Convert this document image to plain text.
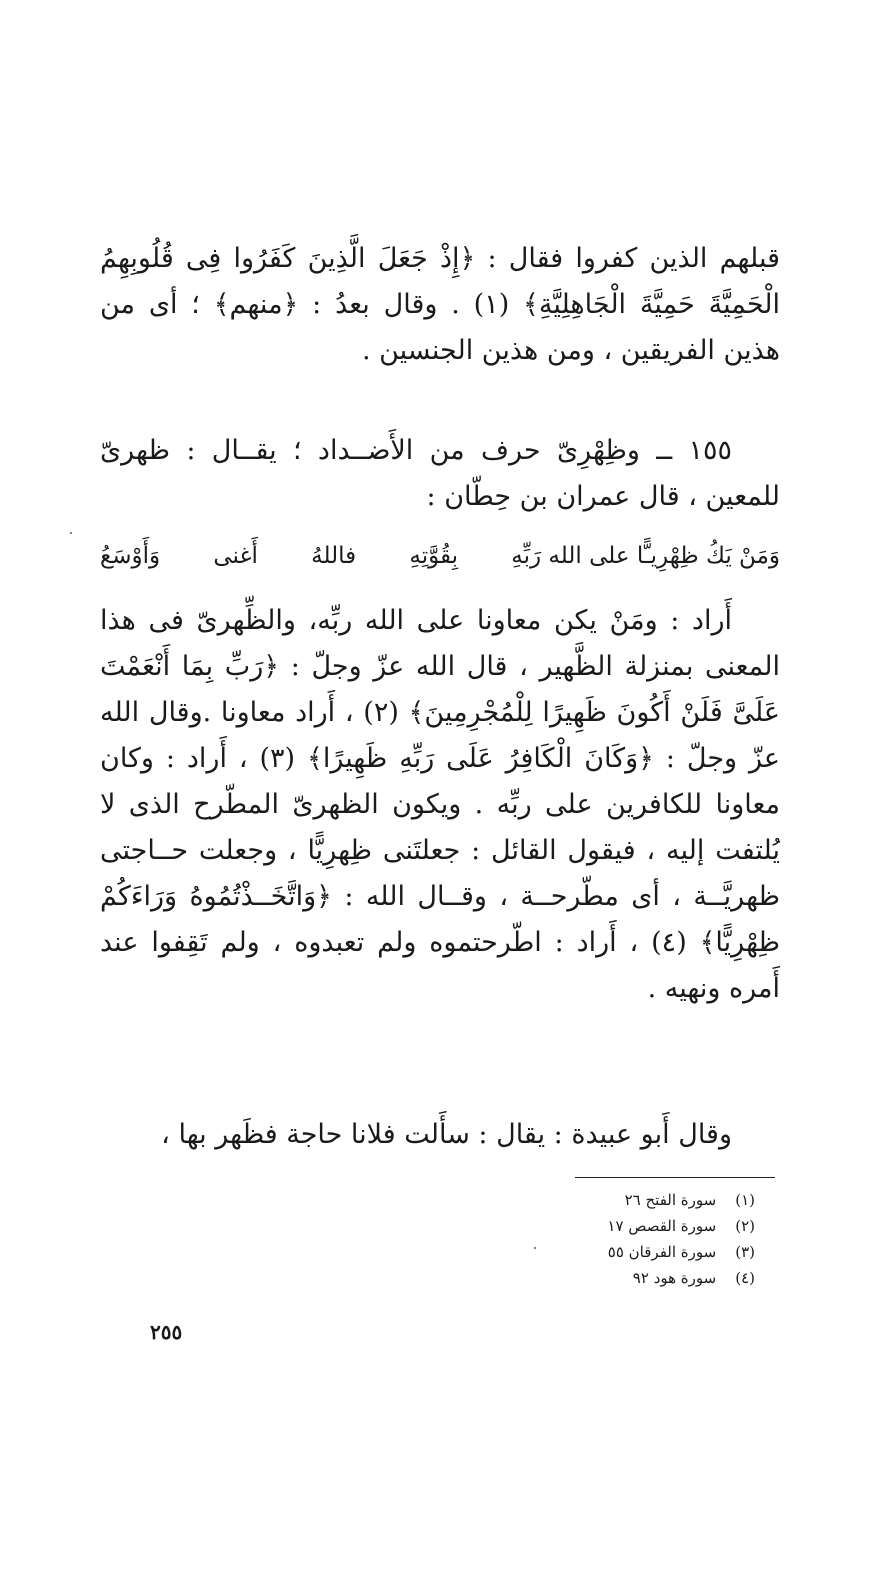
قبلهم الذين كفروا فقال : ﴿إِذْ جَعَلَ الَّذِينَ كَفَرُوا فِى قُلُوبِهِمُ الْحَمِيَّةَ حَمِيَّةَ الْجَاهِلِيَّةِ﴾ (١) . وقال بعدُ : ﴿منهم﴾ ؛ أى من هذين الفريقين ، ومن هذين الجنسين .
١٥٥ ــ وظِهْرِىّ حرف من الأَضــداد ؛ يقــال : ظهرىّ للمعين ، قال عمران بن حِطّان :
وَمَنْ يَكُ ظِهْرِيـًّا على الله رَبِّهِ
بِقُوَّتِهِ
فاللهُ
أَغنى
وَأَوْسَعُ
أَراد : ومَنْ يكن معاونا على الله ربِّه، والظِّهرىّ فى هذا المعنى بمنزلة الظَّهير ، قال الله عزّ وجلّ : ﴿رَبِّ بِمَا أَنْعَمْتَ عَلَىَّ فَلَنْ أَكُونَ ظَهِيرًا لِلْمُجْرِمِينَ﴾ (٢) ، أَراد معاونا .وقال الله عزّ وجلّ : ﴿وَكَانَ الْكَافِرُ عَلَى رَبِّهِ ظَهِيرًا﴾ (٣) ، أَراد : وكان معاونا للكافرين على ربِّه . ويكون الظهرىّ المطّرح الذى لا يُلتفت إليه ، فيقول القائل : جعلتَنى ظِهرِيًّا ، وجعلت حــاجتى ظهريَّــة ، أى مطّرحــة ، وقــال الله : ﴿وَاتَّخَــذْتُمُوهُ وَرَاءَكُمْ ظِهْرِيًّا﴾ (٤) ، أَراد : اطّرحتموه ولم تعبدوه ، ولم تَقِفوا عند أَمره ونهيه .
وقال أَبو عبيدة : يقال : سأَلت فلانا حاجة فظَهر بها ،
(١) سورة الفتح ٢٦
(٢) سورة القصص ١٧
(٣) سورة الفرقان ٥٥
(٤) سورة هود ٩٢
٢٥٥
